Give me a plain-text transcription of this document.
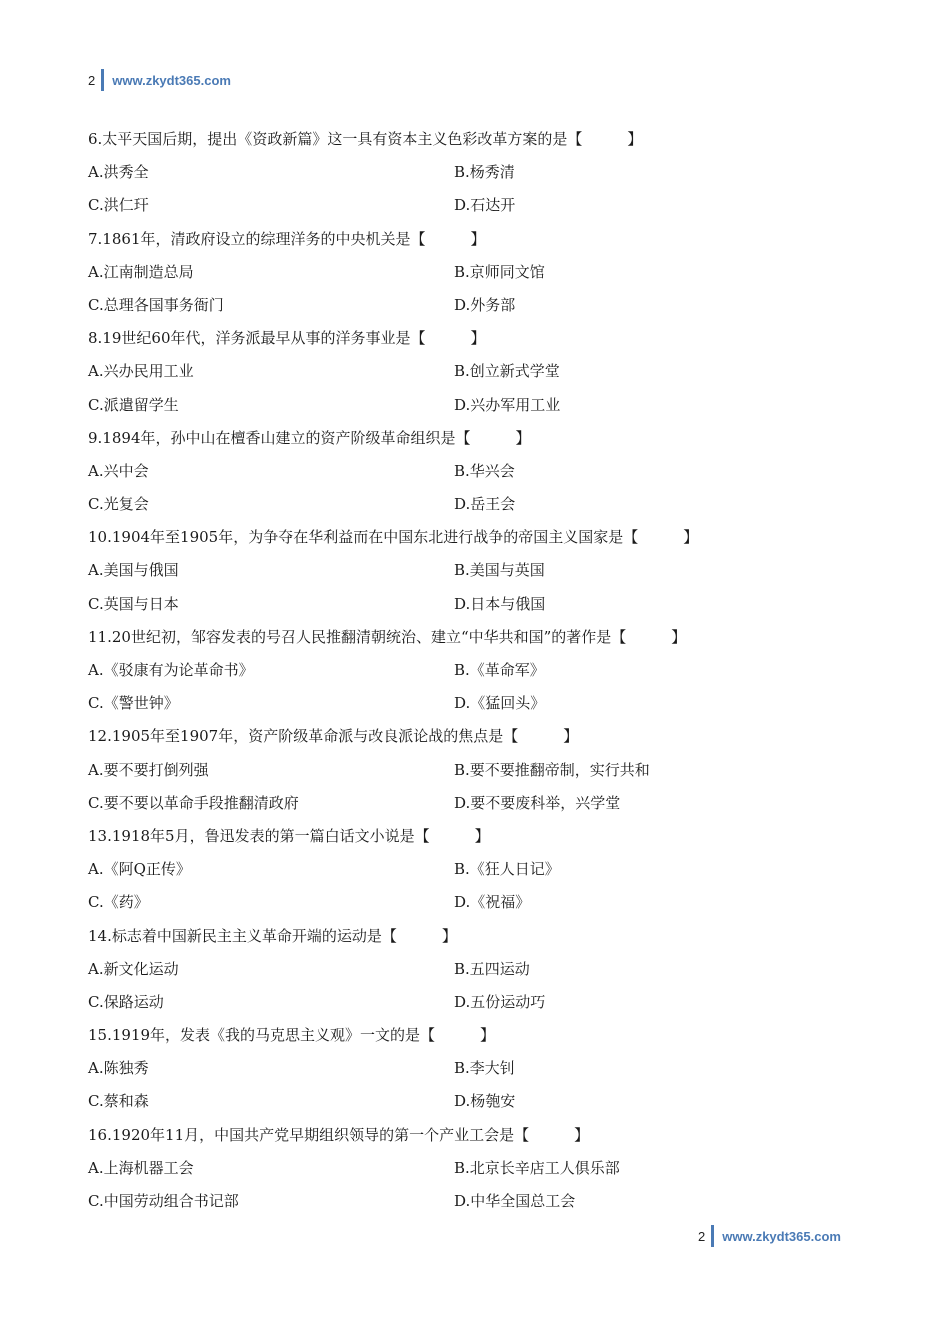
2 www.zkydt365.com
6.太平天国后期，提出《资政新篇》这一具有资本主义色彩改革方案的是【　　　】
A.洪秀全	B.杨秀清
C.洪仁玕	D.石达开
7.1861年，清政府设立的综理洋务的中央机关是【　　　】
A.江南制造总局	B.京师同文馆
C.总理各国事务衙门	D.外务部
8.19世纪60年代，洋务派最早从事的洋务事业是【　　　】
A.兴办民用工业	B.创立新式学堂
C.派遣留学生	D.兴办军用工业
9.1894年，孙中山在檀香山建立的资产阶级革命组织是【　　　】
A.兴中会	B.华兴会
C.光复会	D.岳王会
10.1904年至1905年，为争夺在华利益而在中国东北进行战争的帝国主义国家是【　　　】
A.美国与俄国	B.美国与英国
C.英国与日本	D.日本与俄国
11.20世纪初，邹容发表的号召人民推翻清朝统治、建立“中华共和国”的著作是【　　　】
A.《驳康有为论革命书》	B.《革命军》
C.《警世钟》	D.《猛回头》
12.1905年至1907年，资产阶级革命派与改良派论战的焦点是【　　　】
A.要不要打倒列强	B.要不要推翻帝制，实行共和
C.要不要以革命手段推翻清政府	D.要不要废科举，兴学堂
13.1918年5月，鲁迅发表的第一篇白话文小说是【　　　】
A.《阿Q正传》	B.《狂人日记》
C.《药》	D.《祝福》
14.标志着中国新民主主义革命开端的运动是【　　　】
A.新文化运动	B.五四运动
C.保路运动	D.五份运动巧
15.1919年，发表《我的马克思主义观》一文的是【　　　】
A.陈独秀	B.李大钊
C.蔡和森	D.杨匏安
16.1920年11月，中国共产党早期组织领导的第一个产业工会是【　　　】
A.上海机器工会	B.北京长辛店工人俱乐部
C.中国劳动组合书记部	D.中华全国总工会
2 www.zkydt365.com
